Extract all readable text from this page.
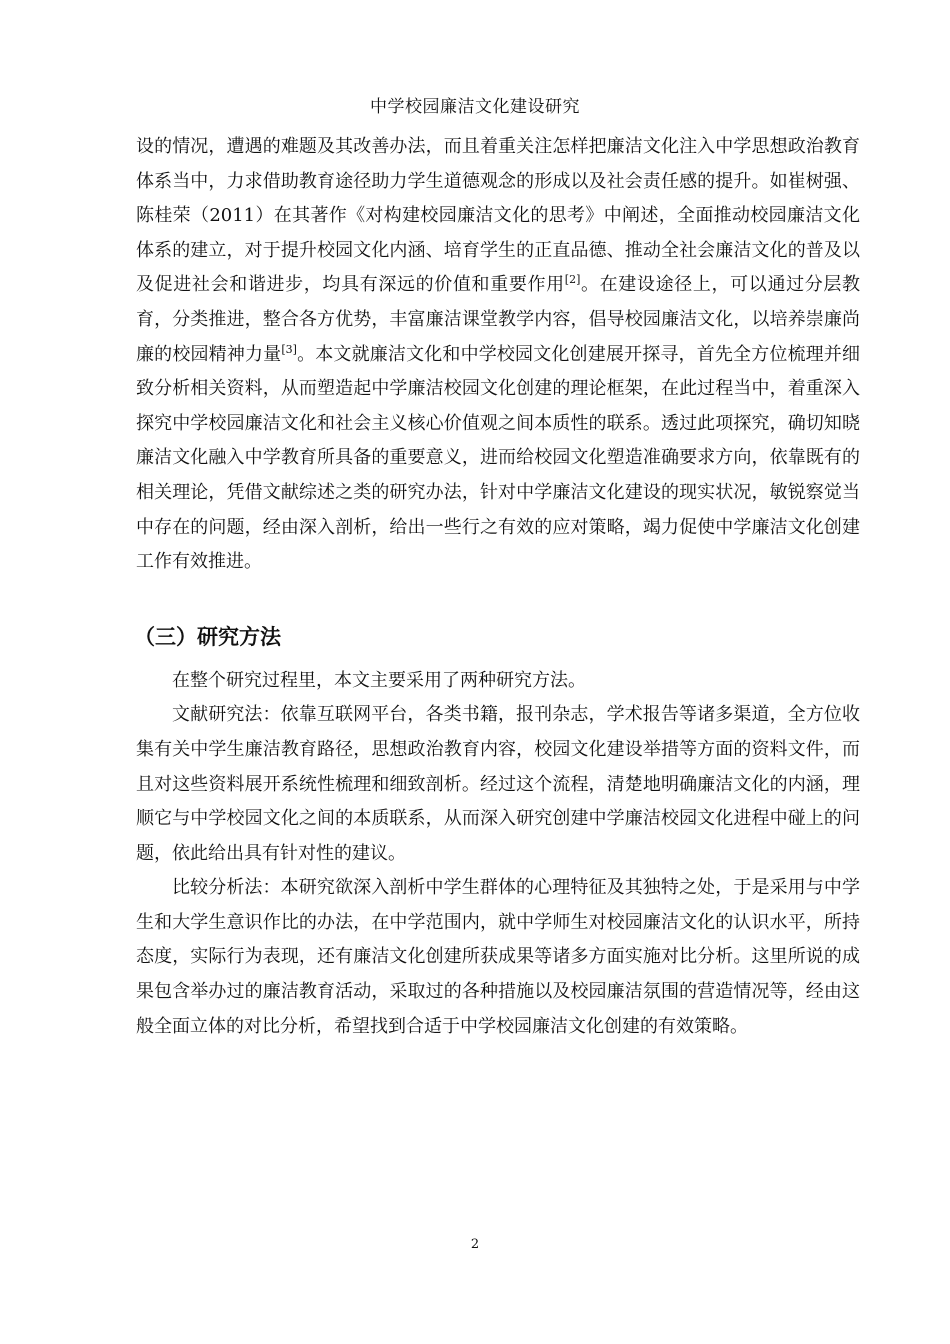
中学校园廉洁文化建设研究

设的情况，遭遇的难题及其改善办法，而且着重关注怎样把廉洁文化注入中学思想政治教育体系当中，力求借助教育途径助力学生道德观念的形成以及社会责任感的提升。如崔树强、 陈桂荣（2011）在其著作《对构建校园廉洁文化的思考》中阐述，全面推动校园廉洁文化体系的建立，对于提升校园文化内涵、培育学生的正直品德、推动全社会廉洁文化的普及以及促进社会和谐进步，均具有深远的价值和重要作用[2]。在建设途径上，可以通过分层教育，分类推进，整合各方优势，丰富廉洁课堂教学内容，倡导校园廉洁文化，以培养崇廉尚廉的校园精神力量[3]。本文就廉洁文化和中学校园文化创建展开探寻，首先全方位梳理并细致分析相关资料，从而塑造起中学廉洁校园文化创建的理论框架，在此过程当中，着重深入探究中学校园廉洁文化和社会主义核心价值观之间本质性的联系。透过此项探究，确切知晓廉洁文化融入中学教育所具备的重要意义，进而给校园文化塑造准确要求方向，依靠既有的相关理论，凭借文献综述之类的研究办法，针对中学廉洁文化建设的现实状况，敏锐察觉当中存在的问题，经由深入剖析，给出一些行之有效的应对策略，竭力促使中学廉洁文化创建工作有效推进。

（三）研究方法

在整个研究过程里，本文主要采用了两种研究方法。

文献研究法：依靠互联网平台，各类书籍，报刊杂志，学术报告等诸多渠道，全方位收集有关中学生廉洁教育路径，思想政治教育内容，校园文化建设举措等方面的资料文件，而且对这些资料展开系统性梳理和细致剖析。经过这个流程，清楚地明确廉洁文化的内涵，理顺它与中学校园文化之间的本质联系，从而深入研究创建中学廉洁校园文化进程中碰上的问题，依此给出具有针对性的建议。

比较分析法：本研究欲深入剖析中学生群体的心理特征及其独特之处，于是采用与中学生和大学生意识作比的办法，在中学范围内，就中学师生对校园廉洁文化的认识水平，所持态度，实际行为表现，还有廉洁文化创建所获成果等诸多方面实施对比分析。这里所说的成果包含举办过的廉洁教育活动，采取过的各种措施以及校园廉洁氛围的营造情况等，经由这般全面立体的对比分析，希望找到合适于中学校园廉洁文化创建的有效策略。

2
